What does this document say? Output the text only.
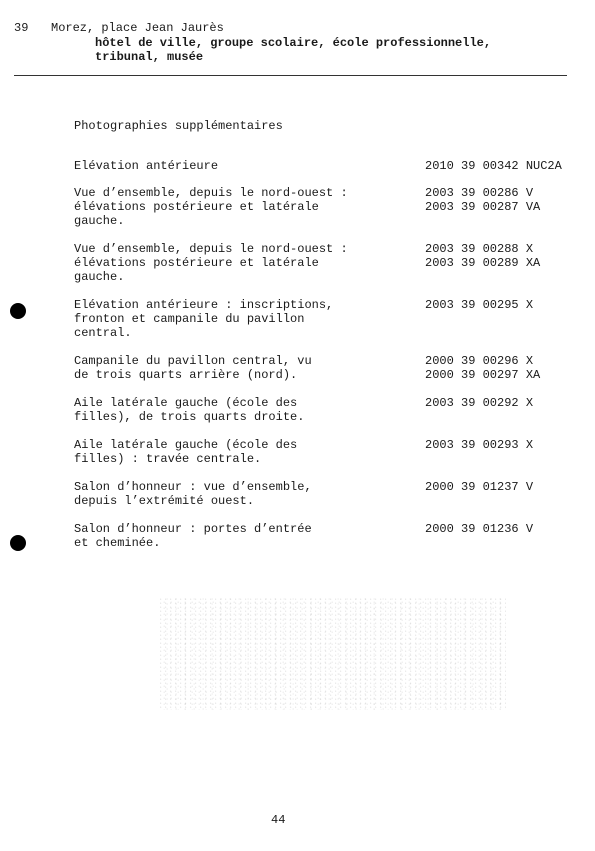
39 Morez, place Jean Jaurès
hôtel de ville, groupe scolaire, école professionnelle,
tribunal, musée
Photographies supplémentaires
Elévation antérieure	2010 39 00342 NUC2A
Vue d’ensemble, depuis le nord-ouest :
élévations postérieure et latérale
gauche.
2003 39 00286 V
2003 39 00287 VA
Vue d’ensemble, depuis le nord-ouest :
élévations postérieure et latérale
gauche.
2003 39 00288 X
2003 39 00289 XA
Elévation antérieure : inscriptions,
fronton et campanile du pavillon
central.
2003 39 00295 X
Campanile du pavillon central, vu
de trois quarts arrière (nord).
2000 39 00296 X
2000 39 00297 XA
Aile latérale gauche (école des
filles), de trois quarts droite.
2003 39 00292 X
Aile latérale gauche (école des
filles) : travée centrale.
2003 39 00293 X
Salon d’honneur : vue d’ensemble,
depuis l’extrémité ouest.
2000 39 01237 V
Salon d’honneur : portes d’entrée
et cheminée.
2000 39 01236 V
44
